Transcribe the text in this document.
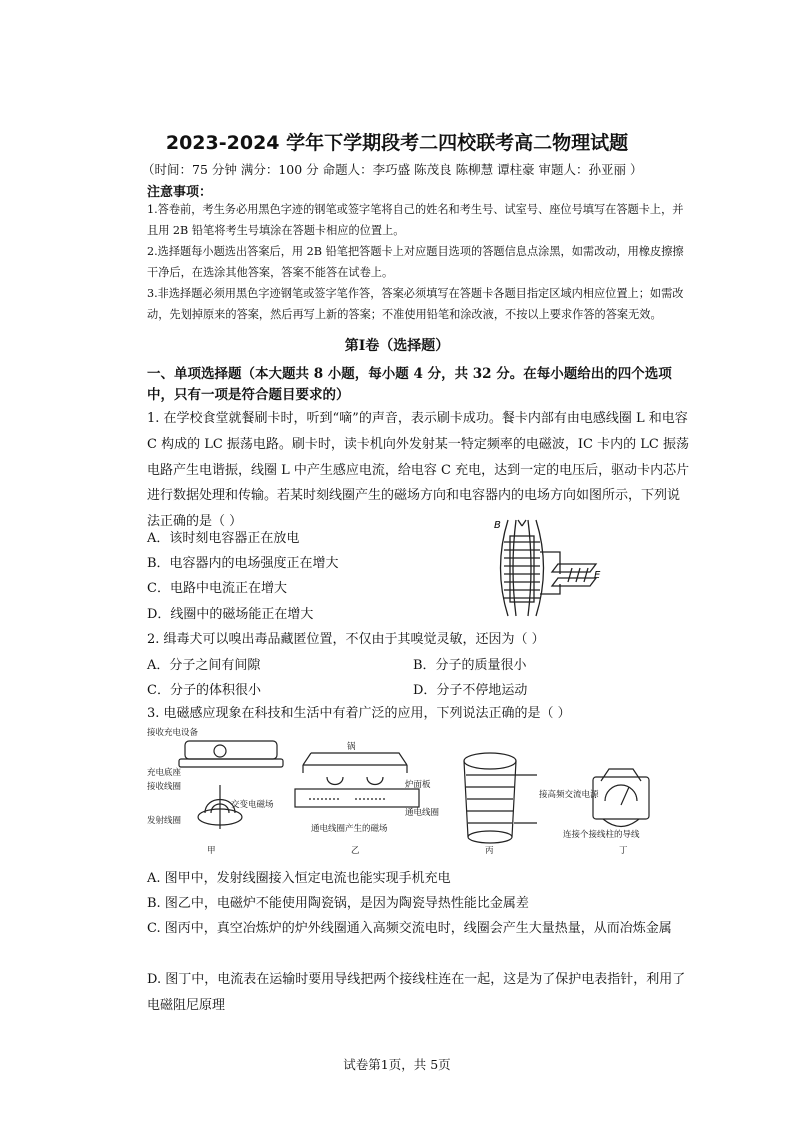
2023-2024 学年下学期段考二四校联考高二物理试题
（时间：75 分钟 满分：100 分 命题人：李巧盛 陈茂良 陈柳慧 谭柱豪 审题人：孙亚丽 ）
注意事项：
1.答卷前，考生务必用黑色字迹的钢笔或签字笔将自己的姓名和考生号、试室号、座位号填写在答题卡上，并且用 2B 铅笔将考生号填涂在答题卡相应的位置上。
2.选择题每小题选出答案后，用 2B 铅笔把答题卡上对应题目选项的答题信息点涂黑，如需改动，用橡皮擦擦干净后，在选涂其他答案，答案不能答在试卷上。
3.非选择题必须用黑色字迹钢笔或签字笔作答，答案必须填写在答题卡各题目指定区域内相应位置上；如需改动，先划掉原来的答案，然后再写上新的答案；不准使用铅笔和涂改液，不按以上要求作答的答案无效。
第Ⅰ卷（选择题）
一、单项选择题（本大题共 8 小题，每小题 4 分，共 32 分。在每小题给出的四个选项中，只有一项是符合题目要求的）
1. 在学校食堂就餐刷卡时，听到“嘀”的声音，表示刷卡成功。餐卡内部有由电感线圈 L 和电容 C 构成的 LC 振荡电路。刷卡时，读卡机向外发射某一特定频率的电磁波，IC 卡内的 LC 振荡电路产生电谐振，线圈 L 中产生感应电流，给电容 C 充电，达到一定的电压后，驱动卡内芯片进行数据处理和传输。若某时刻线圈产生的磁场方向和电容器内的电场方向如图所示，下列说法正确的是（ ）
A．该时刻电容器正在放电
B．电容器内的电场强度正在增大
C．电路中电流正在增大
D．线圈中的磁场能正在增大
B
E
2. 缉毒犬可以嗅出毒品藏匿位置，不仅由于其嗅觉灵敏，还因为（ ）
A．分子之间有间隙	B．分子的质量很小
C．分子的体积很小	D．分子不停地运动
3. 电磁感应现象在科技和生活中有着广泛的应用，下列说法正确的是（ ）
接收充电设备
充电底座
接收线圈
交变电磁场
发射线圈
甲
锅
炉面板
通电线圈
通电线圈产生的磁场
乙
接高频交流电源
丙
连接个接线柱的导线
丁
A. 图甲中，发射线圈接入恒定电流也能实现手机充电
B. 图乙中，电磁炉不能使用陶瓷锅，是因为陶瓷导热性能比金属差
C. 图丙中，真空冶炼炉的炉外线圈通入高频交流电时，线圈会产生大量热量，从而冶炼金属
D. 图丁中，电流表在运输时要用导线把两个接线柱连在一起，这是为了保护电表指针，利用了电磁阻尼原理
试卷第1页，共 5页
